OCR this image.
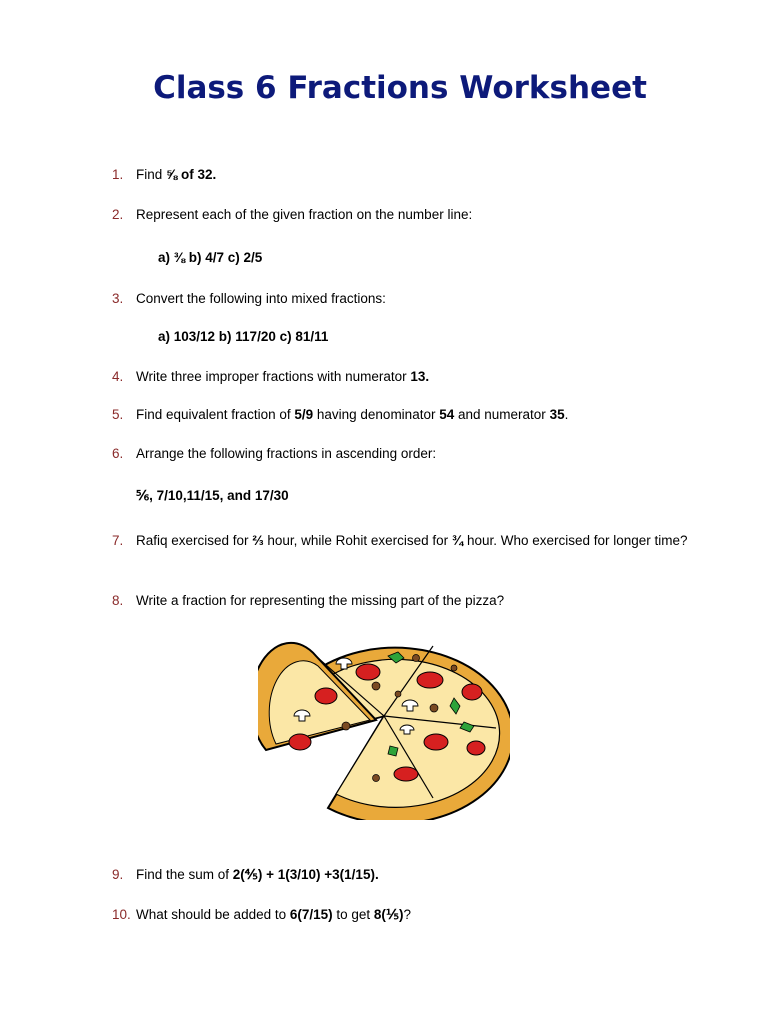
Class 6 Fractions Worksheet
1. Find ⅝ of 32.
2. Represent each of the given fraction on the number line:
a) ⅜ b) 4/7 c) 2/5
3. Convert the following into mixed fractions:
a) 103/12 b) 117/20 c) 81/11
4. Write three improper fractions with numerator 13.
5. Find equivalent fraction of 5/9 having denominator 54 and numerator 35.
6. Arrange the following fractions in ascending order:
⅚, 7/10,11/15, and 17/30
7. Rafiq exercised for ⅔ hour, while Rohit exercised for ¾ hour. Who exercised for longer time?
8. Write a fraction for representing the missing part of the pizza?
9. Find the sum of 2(⅘) + 1(3/10) +3(1/15).
10. What should be added to 6(7/15) to get 8(⅕)?
